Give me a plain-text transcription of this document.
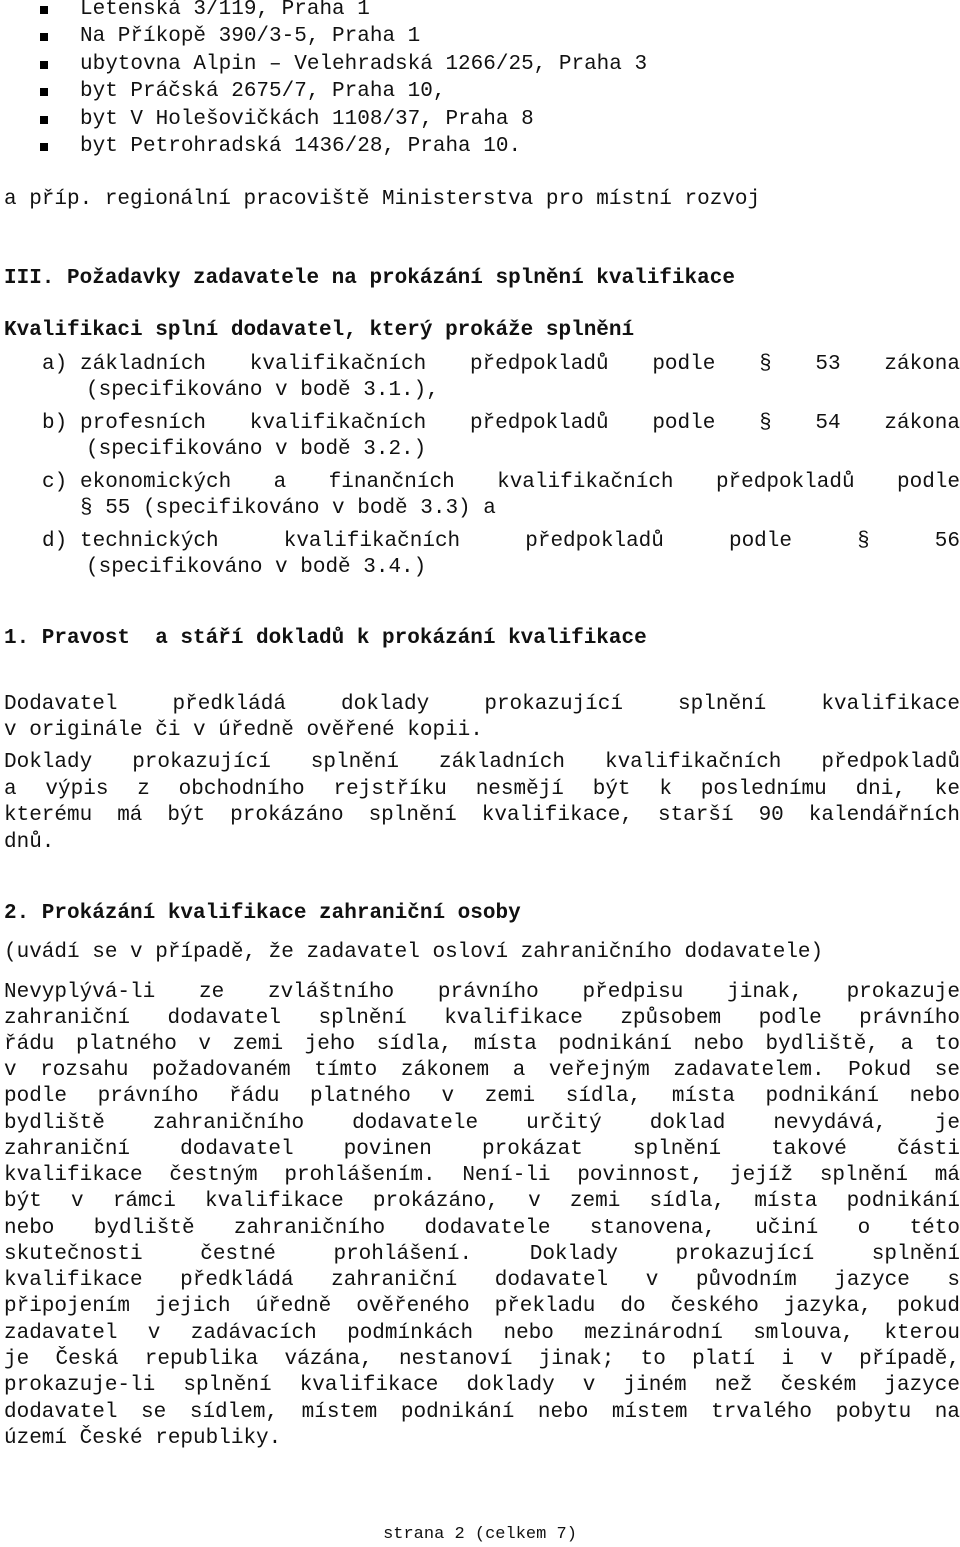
Letenská 3/119, Praha 1
Na Příkopě 390/3-5, Praha 1
ubytovna Alpin – Velehradská 1266/25, Praha 3
byt Práčská 2675/7, Praha 10,
byt V Holešovičkách 1108/37, Praha 8
byt Petrohradská 1436/28, Praha 10.
a příp. regionální pracoviště Ministerstva pro místní rozvoj
III. Požadavky zadavatele na prokázání splnění kvalifikace
Kvalifikaci splní dodavatel, který prokáže splnění
a) základních kvalifikačních předpokladů podle § 53 zákona
(specifikováno v bodě 3.1.),
b) profesních kvalifikačních předpokladů podle § 54 zákona
(specifikováno v bodě 3.2.)
c) ekonomických a finančních kvalifikačních předpokladů podle
§ 55 (specifikováno v bodě 3.3) a
d) technických kvalifikačních předpokladů podle § 56
(specifikováno v bodě 3.4.)
1. Pravost  a stáří dokladů k prokázání kvalifikace
Dodavatel předkládá doklady prokazující splnění kvalifikace
v originále či v úředně ověřené kopii.
Doklady prokazující splnění základních kvalifikačních předpokladů
a výpis z obchodního rejstříku nesmějí být k poslednímu dni, ke
kterému má být prokázáno splnění kvalifikace, starší 90 kalendářních
dnů.
2. Prokázání kvalifikace zahraniční osoby
(uvádí se v případě, že zadavatel osloví zahraničního dodavatele)
Nevyplývá-li ze zvláštního právního předpisu jinak, prokazuje
zahraniční dodavatel splnění kvalifikace způsobem podle právního
řádu platného v zemi jeho sídla, místa podnikání nebo bydliště, a to
v rozsahu požadovaném tímto zákonem a veřejným zadavatelem. Pokud se
podle právního řádu platného v zemi sídla, místa podnikání nebo
bydliště zahraničního dodavatele určitý doklad nevydává, je
zahraniční dodavatel povinen prokázat splnění takové části
kvalifikace čestným prohlášením. Není-li povinnost, jejíž splnění má
být v rámci kvalifikace prokázáno, v zemi sídla, místa podnikání
nebo bydliště zahraničního dodavatele stanovena, učiní o této
skutečnosti čestné prohlášení. Doklady prokazující splnění
kvalifikace předkládá zahraniční dodavatel v původním jazyce s
připojením jejich úředně ověřeného překladu do českého jazyka, pokud
zadavatel v zadávacích podmínkách nebo mezinárodní smlouva, kterou
je Česká republika vázána, nestanoví jinak; to platí i v případě,
prokazuje-li splnění kvalifikace doklady v jiném než českém jazyce
dodavatel se sídlem, místem podnikání nebo místem trvalého pobytu na
území České republiky.
strana 2 (celkem 7)
